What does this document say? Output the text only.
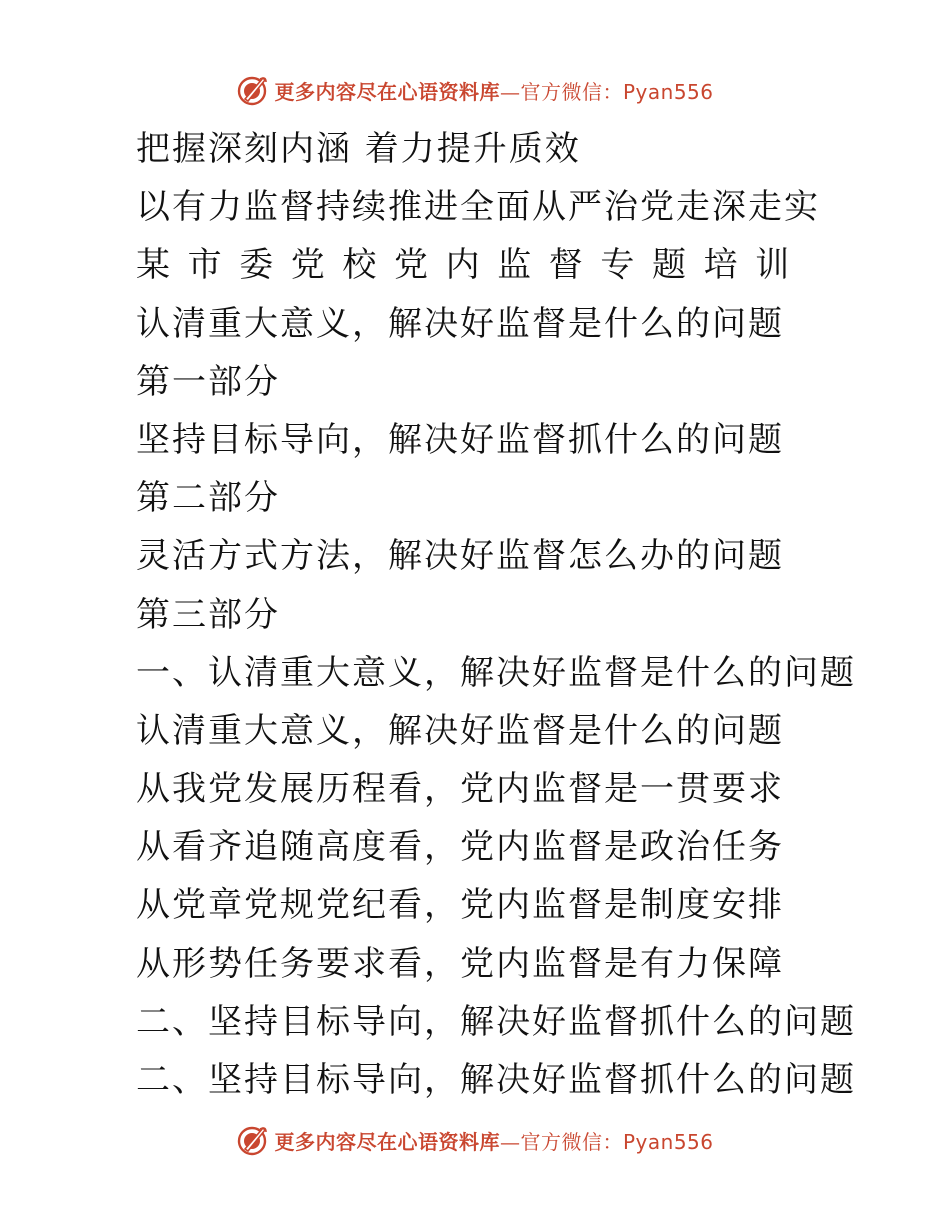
更多内容尽在心语资料库—官方微信：Pyan556
把握深刻内涵 着力提升质效
以有力监督持续推进全面从严治党走深走实
某市委党校党内监督专题培训
认清重大意义，解决好监督是什么的问题
第一部分
坚持目标导向，解决好监督抓什么的问题
第二部分
灵活方式方法，解决好监督怎么办的问题
第三部分
一、认清重大意义，解决好监督是什么的问题
认清重大意义，解决好监督是什么的问题
从我党发展历程看，党内监督是一贯要求
从看齐追随高度看，党内监督是政治任务
从党章党规党纪看，党内监督是制度安排
从形势任务要求看，党内监督是有力保障
二、坚持目标导向，解决好监督抓什么的问题
二、坚持目标导向，解决好监督抓什么的问题
更多内容尽在心语资料库—官方微信：Pyan556
